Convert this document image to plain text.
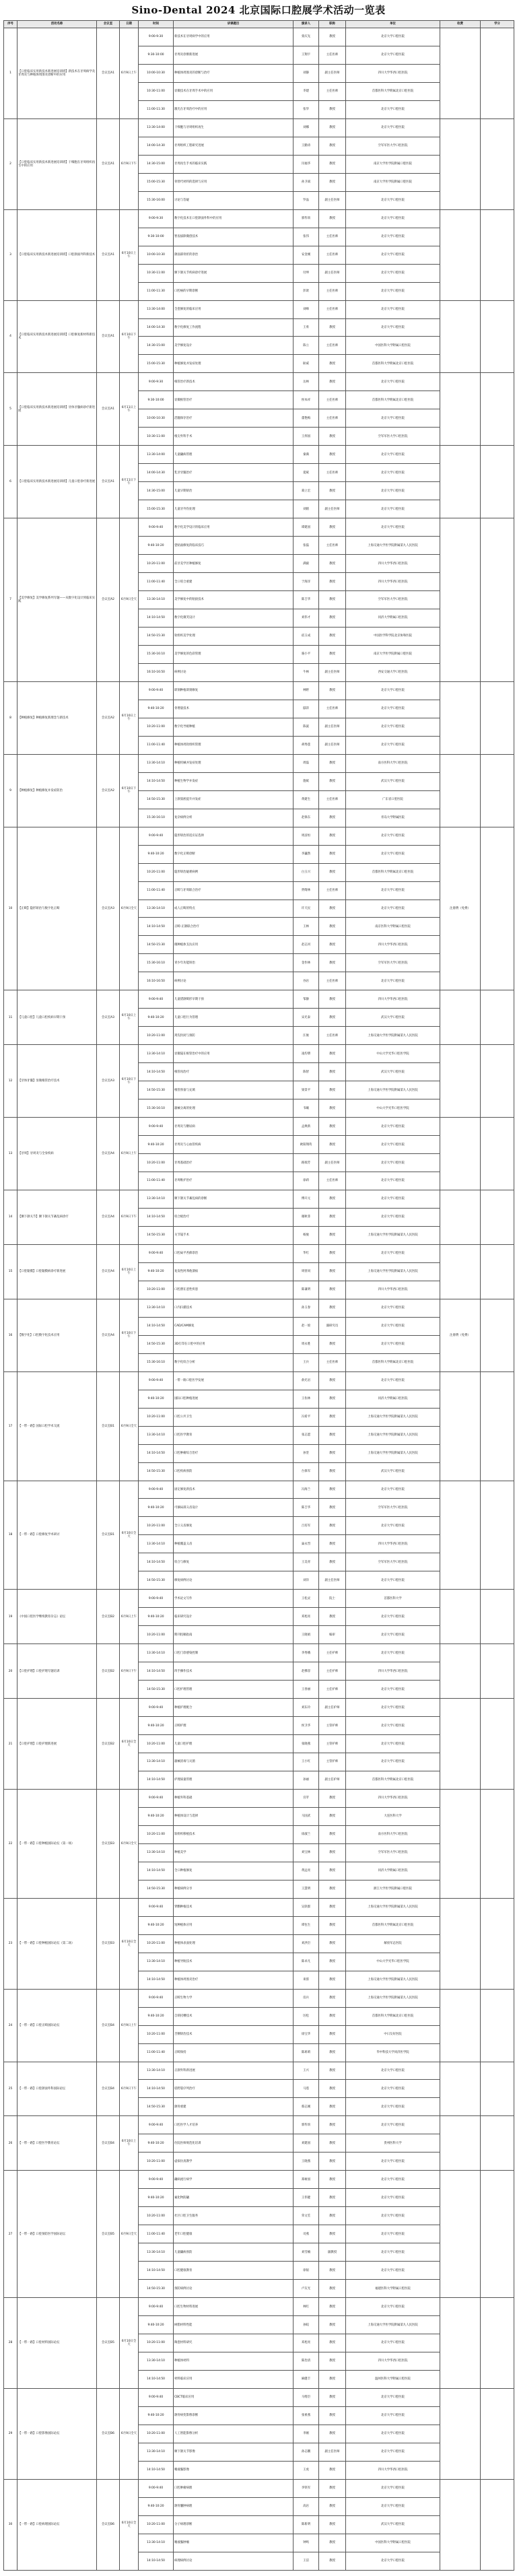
Sino-Dental 2024 北京国际口腔展学术活动一览表
序号	活动名称	会议室	日期	时间	讲课题目	演讲人	职称	单位	收费	学分
1	【口腔临床实用新技术新进展培训班】新技术在牙周病学及牙周炎与种植体周围炎诊断中的应用	会议室A1	6月9日上午	9:00-9:30	新技术在牙周病学中的应用	栾庆先	教授	北京大学口腔医院		
				9:30-10:00	牙周炎诊断新进展	王翔宇	主任医师	北京大学口腔医院		
				10:00-10:30	种植体周围炎的诊断与治疗	刘静	副主任医师	四川大学华西口腔医院		
				10:30-11:00	显微技术在牙周手术中的应用	李建	主任医师	首都医科大学附属北京口腔医院		
				11:00-11:30	激光在牙周治疗中的应用	张华	教授	北京大学口腔医院		
2	【口腔临床实用新技术新进展培训班】干细胞在牙周组织再生中的应用	会议室A1	6月9日下午	13:30-14:00	干细胞与牙周组织再生	刘娜	教授	北京大学口腔医院		
				14:00-14:30	牙周组织工程研究进展	王勤涛	教授	空军军医大学口腔医院		
				14:30-15:00	牙周再生手术的临床实践	闫福华	教授	南京大学医学院附属口腔医院		
				15:00-15:30	骨替代材料的选择与应用	孙卫斌	教授	南京大学医学院附属口腔医院		
				15:30-16:00	讨论与答疑	罗晶	副主任医师	北京大学口腔医院		
3	【口腔临床实用新技术新进展培训班】口腔颌面外科新技术	会议室A1	6月10日上午	9:00-9:30	数字化技术在口腔颌面外科中的应用	郭传瑸	教授	北京大学口腔医院		
				9:30-10:00	智齿拔除微创技术	张伟	主任医师	北京大学口腔医院		
				10:00-10:30	颌面部骨折的诊治	安金刚	主任医师	北京大学口腔医院		
				10:30-11:00	颞下颌关节疾病诊疗进展	付坤	副主任医师	北京大学口腔医院		
				11:00-11:30	口腔癌的早期诊断	彭歆	主任医师	北京大学口腔医院		
4	【口腔临床实用新技术新进展培训班】口腔修复新材料新技术	会议室A1	6月10日下午	13:30-14:00	全瓷修复的临床应用	刘峰	主任医师	北京大学口腔医院		
				14:00-14:30	数字化修复工作流程	王勇	教授	北京大学口腔医院		
				14:30-15:00	美学修复设计	陈立	主任医师	中国医科大学附属口腔医院		
				15:00-15:30	种植修复并发症处理	耿威	教授	首都医科大学附属北京口腔医院		
5	【口腔临床实用新技术新进展培训班】牙体牙髓病诊疗新进展	会议室A1	6月11日上午	9:00-9:30	根管治疗新技术	岳林	教授	北京大学口腔医院		
				9:30-10:00	显微根管治疗	侯本祥	主任医师	首都医科大学附属北京口腔医院		
				10:00-10:30	活髓保存治疗	董艳梅	主任医师	北京大学口腔医院		
				10:30-11:00	根尖外科手术	王捍国	教授	空军军医大学口腔医院		
6	【口腔临床实用新技术新进展培训班】儿童口腔诊疗新进展	会议室A1	6月11日下午	13:30-14:00	儿童龋病管理	秦满	教授	北京大学口腔医院		
				14:00-14:30	乳牙牙髓治疗	夏斌	主任医师	北京大学口腔医院		
				14:30-15:00	儿童早期矫治	葛立宏	教授	北京大学口腔医院		
				15:00-15:30	儿童牙外伤处理	刘鹤	副主任医师	北京大学口腔医院		
7	【美学修复】美学修复系列专题——从数字化设计到临床实践	会议室A2	6月9日全天	9:00-9:40	数字化美学设计的临床应用	谭建国	教授	北京大学口腔医院		
				9:40-10:20	瓷贴面修复的临床技巧	张磊	主任医师	上海交通大学医学院附属第九人民医院		
				10:20-11:00	前牙美学区种植修复	满毅	教授	四川大学华西口腔医院		
				11:00-11:40	全口咬合重建	于海洋	教授	四川大学华西口腔医院		
				13:30-14:10	美学修复中的粘接技术	陈吉华	教授	空军军医大学口腔医院		
				14:10-14:50	数字化微笑设计	刘伟才	教授	同济大学附属口腔医院		
				14:50-15:30	软组织美学处理	宿玉成	教授	中国医学科学院北京协和医院		
				15:30-16:10	美学修复的色彩管理	骆小平	教授	南京大学医学院附属口腔医院		
				16:10-16:50	病例讨论	牛林	副主任医师	西安交通大学口腔医院		
8	【种植修复】种植修复新理念与新技术	会议室A2	6月10日上午	9:00-9:40	即刻种植即刻修复	林野	教授	北京大学口腔医院		
				9:40-10:20	骨增量技术	邸萍	主任医师	北京大学口腔医院		
				10:20-11:00	数字化导板种植	陈波	副主任医师	北京大学口腔医院		
				11:00-11:40	种植体周软组织管理	胡秀莲	副主任医师	北京大学口腔医院		
9	【种植修复】种植修复并发症防治	会议室A2	6月10日下午	13:30-14:10	种植机械并发症处理	周磊	教授	南方医科大学口腔医院		
				14:10-14:50	种植生物学并发症	施斌	教授	武汉大学口腔医院		
				14:50-15:30	上颌窦底提升并发症	黄建生	主任医师	广东省口腔医院		
				15:30-16:10	复杂病例分析	赵保东	教授	青岛大学附属医院		
10	【正畸】隐形矫治与数字化正畸	会议室A3	6月9日全天	9:00-9:40	隐形矫治的适应证选择	周彦恒	教授	北京大学口腔医院	注册费（免费）	
				9:40-10:20	数字化正畸诊断	李巍然	教授	北京大学口腔医院		
				10:20-11:00	隐形矫治疑难病例	白玉兴	教授	首都医科大学附属北京口腔医院		
				11:00-11:40	正畸与牙周联合治疗	贾绮林	主任医师	北京大学口腔医院		
				13:30-14:10	成人正畸的特点	许天民	教授	北京大学口腔医院		
				14:10-14:50	正畸-正颌联合治疗	王林	教授	南京医科大学附属口腔医院		
				14:50-15:30	微种植体支抗应用	赵志河	教授	四川大学华西口腔医院		
				15:30-16:10	青少年功能矫治	金作林	教授	空军军医大学口腔医院		
				16:10-16:50	病例讨论	谷岩	主任医师	北京大学口腔医院		
11	【儿童口腔】儿童口腔疾病早期干预	会议室A3	6月10日上午	9:00-9:40	儿童错颌畸形早期干预	邹静	教授	四川大学华西口腔医院		
				9:40-10:20	儿童口腔行为管理	宋光泰	教授	武汉大学口腔医院		
				10:20-11:00	窝沟封闭与预防	汪俊	主任医师	上海交通大学医学院附属第九人民医院		
12	【牙体牙髓】显微根管治疗技术	会议室A3	6月10日下午	13:30-14:10	显微镜在根管治疗中的应用	凌均棨	教授	中山大学光华口腔医学院		
				14:10-14:50	根管再治疗	陈智	教授	武汉大学口腔医院		
				14:50-15:30	根管预备与充填	梁景平	教授	上海交通大学医学院附属第九人民医院		
				15:30-16:10	器械分离的处理	韦曦	教授	中山大学光华口腔医学院		
13	【牙周】牙周炎与全身疾病	会议室A4	6月9日上午	9:00-9:40	牙周炎与糖尿病	孟焕新	教授	北京大学口腔医院		
				9:40-10:20	牙周炎与心血管疾病	欧阳翔英	教授	北京大学口腔医院		
				10:20-11:00	牙周基础治疗	路瑞芳	副主任医师	北京大学口腔医院		
				11:00-11:40	牙周维护治疗	徐莉	主任医师	北京大学口腔医院		
14	【颞下颌关节】颞下颌关节紊乱病诊疗	会议室A4	6月9日下午	13:30-14:10	颞下颌关节紊乱病的诊断	傅开元	教授	北京大学口腔医院		
				14:10-14:50	咬合板治疗	谢秋菲	教授	北京大学口腔医院		
				14:50-15:30	关节镜手术	杨驰	教授	上海交通大学医学院附属第九人民医院		
15	【口腔黏膜】口腔黏膜病诊疗新进展	会议室A4	6月10日上午	9:00-9:40	口腔扁平苔藓诊治	华红	教授	北京大学口腔医院		
				9:40-10:20	复发性阿弗他溃疡	周曾同	教授	上海交通大学医学院附属第九人民医院		
				10:20-11:00	口腔潜在恶性疾患	陈谦明	教授	四川大学华西口腔医院		
16	【数字化】口腔数字化技术应用	会议室A4	6月10日下午	13:30-14:10	口内扫描技术	孙玉春	教授	北京大学口腔医院	注册费（免费）	
				14:10-14:50	CAD/CAM修复	赵一姣	副研究员	北京大学口腔医院		
				14:50-15:30	3D打印在口腔中的应用	周永胜	教授	北京大学口腔医院		
				15:30-16:10	数字化咬合分析	王兵	主任医师	首都医科大学附属北京口腔医院		
17	【一带一路】国际口腔学术交流	会议室B1	6月9日全天	9:00-9:40	一带一路口腔医学发展	俞光岩	教授	北京大学口腔医院		
				9:40-10:20	国际口腔种植进展	王佐林	教授	同济大学附属口腔医院		
				10:20-11:00	口腔公共卫生	冯希平	教授	上海交通大学医学院附属第九人民医院		
				13:30-14:10	口腔医学教育	张志愿	教授	上海交通大学医学院附属第九人民医院		
				14:10-14:50	口腔肿瘤综合治疗	孙坚	教授	上海交通大学医学院附属第九人民医院		
				14:50-15:30	口腔疾病预防	台保军	教授	武汉大学口腔医院		
18	【一带一路】口腔修复学术研讨	会议室B1	6月10日全天	9:00-9:40	固定修复新技术	冯海兰	教授	北京大学口腔医院		
				9:40-10:20	可摘局部义齿设计	陈吉华	教授	空军军医大学口腔医院		
				10:20-11:00	全口义齿修复	吕培军	教授	北京大学口腔医院		
				13:30-14:10	种植覆盖义齿	巢永烈	教授	四川大学华西口腔医院		
				14:10-14:50	咬合与修复	王美青	教授	空军军医大学口腔医院		
				14:50-15:30	修复病例讨论	刘洋	副主任医师	北京大学口腔医院		
19	《中国口腔医学继续教育杂志》论坛	会议室B2	6月9日上午	9:00-9:40	学术论文写作	王松灵	院士	首都医科大学		
				9:40-10:20	临床研究设计	邓旭亮	教授	北京大学口腔医院		
				10:20-11:00	期刊投稿指南	王晓娟	编审	北京大学口腔医院		
20	【口腔护理】口腔护理专题培训	会议室B2	6月9日下午	13:30-14:10	口腔门诊感染控制	李秀娥	主任护师	北京大学口腔医院		
				14:10-14:50	四手操作技术	赵佛容	主任护师	四川大学华西口腔医院		
				14:50-15:30	口腔护理管理	王春丽	主任护师	北京大学口腔医院		
21	【口腔护理】口腔护理新进展	会议室B2	6月10日全天	9:00-9:40	种植护理配合	刘东玲	副主任护师	北京大学口腔医院		
				9:40-10:20	正畸护理	侯卫华	主管护师	北京大学口腔医院		
				10:20-11:00	儿童口腔护理	张晓燕	主管护师	北京大学口腔医院		
				13:30-14:10	器械消毒与灭菌	王小红	主管护师	北京大学口腔医院		
				14:10-14:50	护理质量管理	孙丽	副主任护师	首都医科大学附属北京口腔医院		
22	【一带一路】口腔种植国际论坛（第一场）	会议室B3	6月9日全天	9:00-9:40	种植外科基础	宫苹	教授	四川大学华西口腔医院		
				9:40-10:20	种植体设计与选择	马国武	教授	大连医科大学		
				10:20-11:00	软组织移植技术	徐淑兰	教授	南方医科大学口腔医院		
				13:30-14:10	种植美学	刘宝林	教授	空军军医大学口腔医院		
				14:10-14:50	全口种植修复	黄远亮	教授	同济大学附属口腔医院		
				14:50-15:30	种植病例分享	王慧明	教授	浙江大学医学院附属口腔医院		
23	【一带一路】口腔种植国际论坛（第二场）	会议室B3	6月10日全天	9:00-9:40	穿颧种植技术	吴轶群	教授	上海交通大学医学院附属第九人民医院		
				9:40-10:20	短种植体应用	谭包生	教授	首都医科大学附属北京口腔医院		
				10:20-11:00	种植体表面处理	刘洪臣	教授	解放军总医院		
				13:30-14:10	种植导航技术	陈卓凡	教授	中山大学光华口腔医学院		
				14:10-14:50	种植体周围炎治疗	束蓉	教授	上海交通大学医学院附属第九人民医院		
24	【一带一路】口腔正畸国际论坛	会议室B4	6月9日上午	9:00-9:40	正畸生物力学	房兵	教授	上海交通大学医学院附属第九人民医院		
				9:40-10:20	自锁托槽技术	厉松	教授	首都医科大学附属北京口腔医院		
				10:20-11:00	舌侧矫治技术	徐宝华	教授	中日友好医院		
				11:00-11:40	正畸保持	陈莉莉	教授	华中科技大学同济医学院		
25	【一带一路】口腔颌面外科国际论坛	会议室B4	6月9日下午	13:30-14:10	正颌外科新进展	王兴	教授	北京大学口腔医院		
				14:10-14:50	唇腭裂序列治疗	马莲	教授	北京大学口腔医院		
				14:50-15:30	颌骨重建	蔡志刚	教授	北京大学口腔医院		
26	【一带一路】口腔医学教育论坛	会议室B4	6月10日上午	9:00-9:40	口腔医学人才培养	郭传瑸	教授	北京大学口腔医院		
				9:40-10:20	住院医师规范化培训	刘建国	教授	贵州医科大学		
				10:20-11:00	虚拟仿真教学	王晓燕	教授	北京大学口腔医院		
27	【一带一路】口腔预防医学国际论坛	会议室B5	6月9日全天	9:00-9:40	龋病流行病学	郑树国	教授	北京大学口腔医院		
				9:40-10:20	氟化物防龋	王伟健	教授	北京大学口腔医院		
				10:20-11:00	社区口腔卫生服务	荣文笙	教授	北京大学口腔医院		
				11:00-11:40	老年口腔健康	司燕	教授	北京大学口腔医院		
				13:30-14:10	儿童龋病预防	刘雪楠	副教授	北京大学口腔医院		
				14:10-14:50	口腔健康教育	徐韬	教授	北京大学口腔医院		
				14:50-15:30	预防病例讨论	卢友光	教授	福建医科大学附属口腔医院		
28	【一带一路】口腔材料国际论坛	会议室B5	6月10日全天	9:00-9:40	口腔生物材料进展	林红	教授	北京大学口腔医院		
				9:40-10:20	树脂材料性能	孙皎	教授	上海交通大学医学院附属第九人民医院		
				10:20-11:00	陶瓷材料研究	邓旭亮	教授	北京大学口腔医院		
				13:30-14:10	种植体材料	陈治清	教授	四川大学华西口腔医院		
				14:10-14:50	材料临床应用	麻健丰	教授	温州医科大学附属口腔医院		
29	【一带一路】口腔影像国际论坛	会议室B6	6月9日全天	9:00-9:40	CBCT临床应用	马绪臣	教授	北京大学口腔医院		
				9:40-10:20	颌骨病变影像诊断	张祖燕	教授	北京大学口腔医院		
				10:20-11:00	人工智能影像分析	李刚	教授	北京大学口腔医院		
				13:30-14:10	颞下颌关节影像	孙志鹏	副主任医师	北京大学口腔医院		
				14:10-14:50	唾液腺影像	王虎	教授	四川大学华西口腔医院		
30	【一带一路】口腔病理国际论坛	会议室B6	6月10日全天	9:00-9:40	口腔肿瘤病理	李铁军	教授	北京大学口腔医院		
				9:40-10:20	颌骨囊肿病理	高岩	教授	北京大学口腔医院		
				10:20-11:00	分子病理诊断	陈新明	教授	武汉大学口腔医院		
				13:30-14:10	唾液腺肿瘤	钟鸣	教授	中国医科大学附属口腔医院		
				14:10-14:50	病理病例讨论	王洁	教授	北京大学口腔医院		
